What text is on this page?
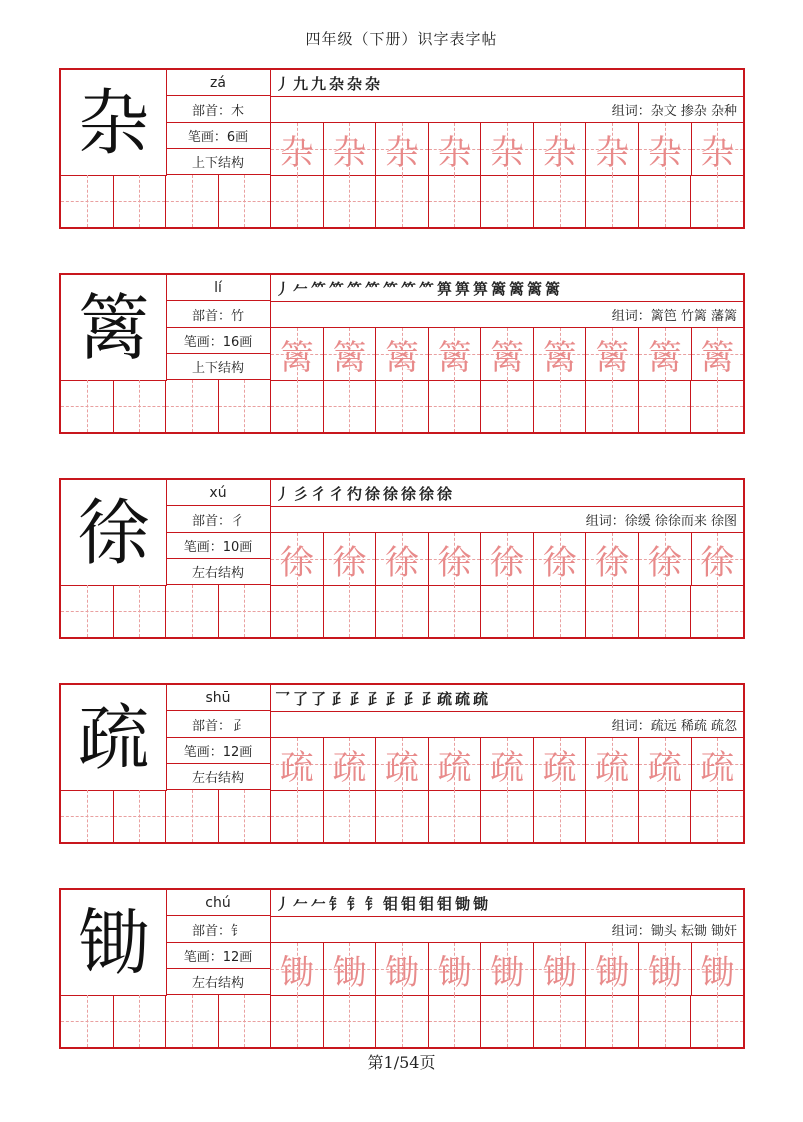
四年级（下册）识字表字帖
杂	zá
部首：木
笔画：6画
上下结构
丿九九杂杂杂
组词：杂文 掺杂 杂种
杂 杂 杂 杂 杂 杂 杂 杂 杂
篱	lí
部首：竹
笔画：16画
上下结构
丿𠂉⺮⺮⺮⺮⺮⺮⺮箅箅箅篱篱篱篱
组词：篱笆 竹篱 藩篱
篱 篱 篱 篱 篱 篱 篱 篱 篱
徐	xú
部首：彳
笔画：10画
左右结构
丿彡彳彳彴徐徐徐徐徐
组词：徐缓 徐徐而来 徐图
徐 徐 徐 徐 徐 徐 徐 徐 徐
疏	shū
部首：𤴔
笔画：12画
左右结构
乛了了𤴔𤴔𤴔𤴔𤴔𤴔疏疏疏
组词：疏远 稀疏 疏忽
疏 疏 疏 疏 疏 疏 疏 疏 疏
锄	chú
部首：钅
笔画：12画
左右结构
丿𠂉𠂉钅钅钅钼钼钼钼锄锄
组词：锄头 耘锄 锄奸
锄 锄 锄 锄 锄 锄 锄 锄 锄
第1/54页
